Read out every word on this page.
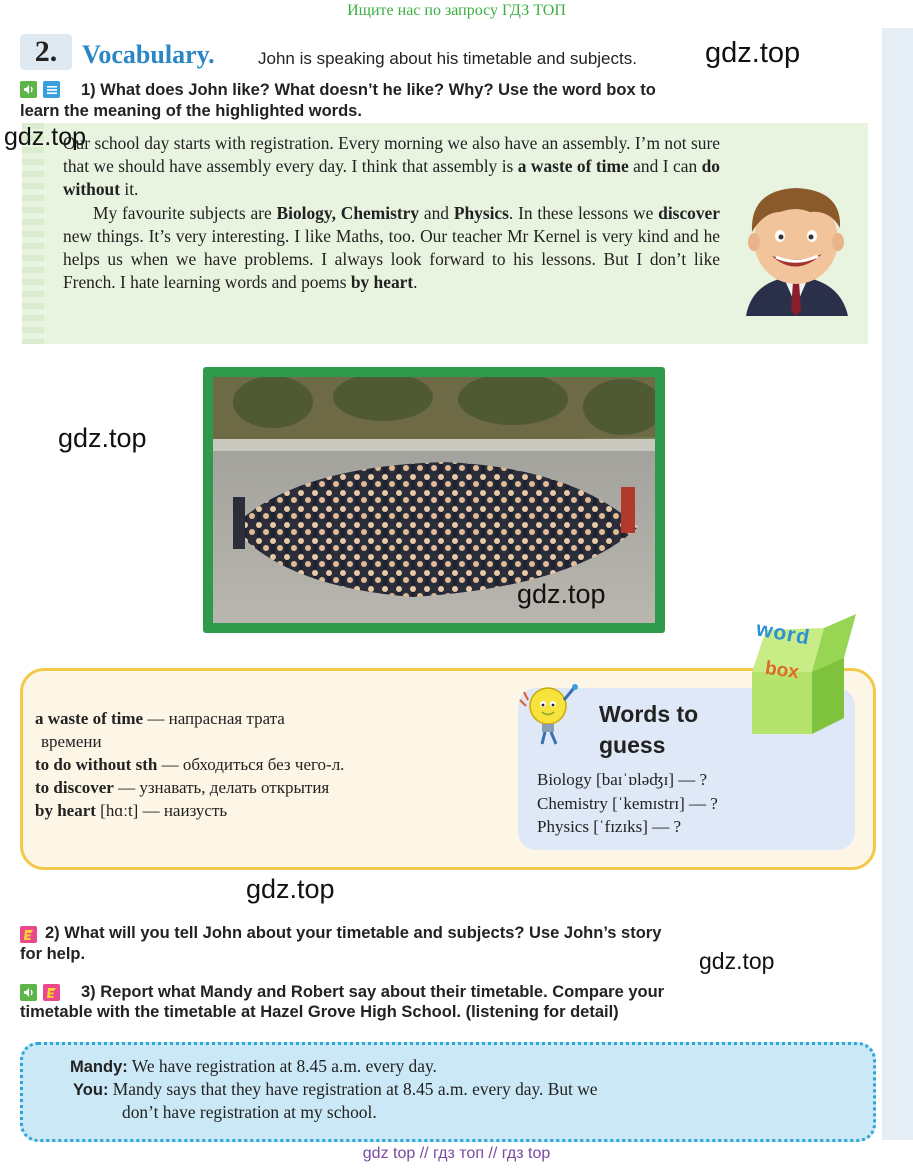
Ищите нас по запросу ГДЗ ТОП
2. Vocabulary.	John is speaking about his timetable and subjects. gdz.top
1) What does John like? What doesn’t he like? Why? Use the word box to
learn the meaning of the highlighted words.
gdz.top

Our school day starts with registration. Every morning we also have an assembly. I’m not sure that we should have assembly every day. I think that assembly is a waste of time and I can do without it.

My favourite subjects are Biology, Chemistry and Physics. In these lessons we discover new things. It’s very interesting. I like Maths, too. Our teacher Mr Kernel is very kind and he helps us when we have problems. I always look forward to his lessons. But I don’t like French. I hate learning words and poems by heart.

gdz.top
gdz.top
a waste of time — напрасная трата
времени
to do without sth — обходиться без чего-л.
to discover — узнавать, делать открытия
by heart [hɑːt] — наизусть
Words to
guess
Biology [baɪˈɒləʤɪ] — ?
Chemistry [ˈkemɪstrɪ] — ?
Physics [ˈfɪzɪks] — ?
word
box
gdz.top
2) What will you tell John about your timetable and subjects? Use John’s story
for help.	gdz.top
3) Report what Mandy and Robert say about their timetable. Compare your
timetable with the timetable at Hazel Grove High School. (listening for detail)
Mandy: We have registration at 8.45 a.m. every day.
You: Mandy says that they have registration at 8.45 a.m. every day. But we
don’t have registration at my school.
gdz top // гдз топ // гдз top
